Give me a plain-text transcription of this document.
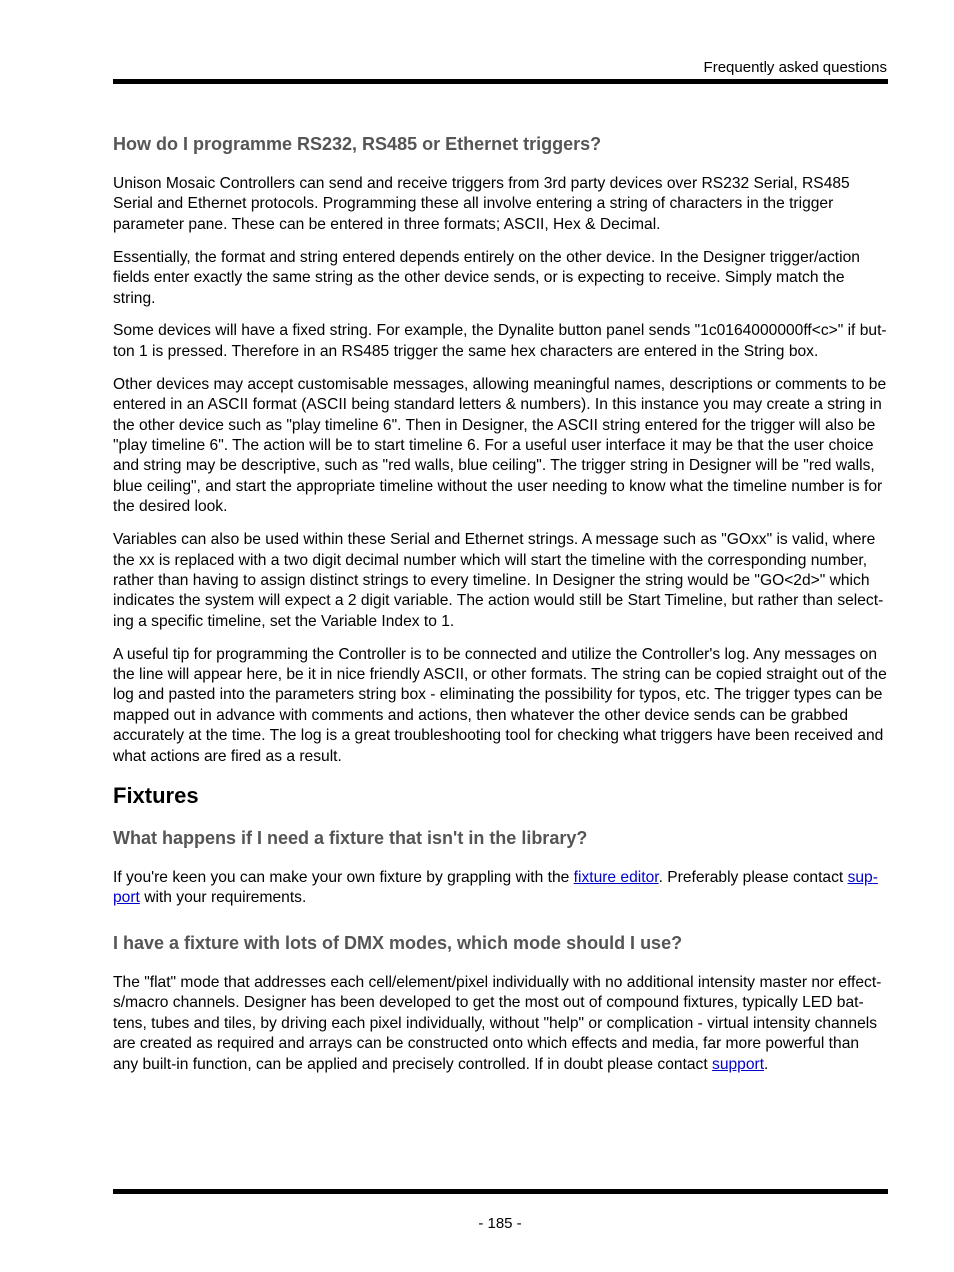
Frequently asked questions
How do I programme RS232, RS485 or Ethernet triggers?

Unison Mosaic Controllers can send and receive triggers from 3rd party devices over RS232 Serial, RS485 Serial and Ethernet protocols. Programming these all involve entering a string of characters in the trigger parameter pane. These can be entered in three formats; ASCII, Hex & Decimal.

Essentially, the format and string entered depends entirely on the other device. In the Designer trigger/action fields enter exactly the same string as the other device sends, or is expecting to receive. Simply match the string.

Some devices will have a fixed string. For example, the Dynalite button panel sends "1c0164000000ff<c>" if button 1 is pressed. Therefore in an RS485 trigger the same hex characters are entered in the String box.

Other devices may accept customisable messages, allowing meaningful names, descriptions or comments to be entered in an ASCII format (ASCII being standard letters & numbers). In this instance you may create a string in the other device such as "play timeline 6". Then in Designer, the ASCII string entered for the trigger will also be "play timeline 6". The action will be to start timeline 6. For a useful user interface it may be that the user choice and string may be descriptive, such as "red walls, blue ceiling". The trigger string in Designer will be "red walls, blue ceiling", and start the appropriate timeline without the user needing to know what the timeline number is for the desired look.

Variables can also be used within these Serial and Ethernet strings. A message such as "GOxx" is valid, where the xx is replaced with a two digit decimal number which will start the timeline with the corresponding number, rather than having to assign distinct strings to every timeline. In Designer the string would be "GO<2d>" which indicates the system will expect a 2 digit variable. The action would still be Start Timeline, but rather than selecting a specific timeline, set the Variable Index to 1.

A useful tip for programming the Controller is to be connected and utilize the Controller's log. Any messages on the line will appear here, be it in nice friendly ASCII, or other formats. The string can be copied straight out of the log and pasted into the parameters string box - eliminating the possibility for typos, etc. The trigger types can be mapped out in advance with comments and actions, then whatever the other device sends can be grabbed accurately at the time. The log is a great troubleshooting tool for checking what triggers have been received and what actions are fired as a result.

Fixtures
What happens if I need a fixture that isn't in the library?

If you're keen you can make your own fixture by grappling with the fixture editor. Preferably please contact support with your requirements.

I have a fixture with lots of DMX modes, which mode should I use?

The "flat" mode that addresses each cell/element/pixel individually with no additional intensity master nor effects/macro channels. Designer has been developed to get the most out of compound fixtures, typically LED battens, tubes and tiles, by driving each pixel individually, without "help" or complication - virtual intensity channels are created as required and arrays can be constructed onto which effects and media, far more powerful than any built-in function, can be applied and precisely controlled. If in doubt please contact support.

- 185 -
